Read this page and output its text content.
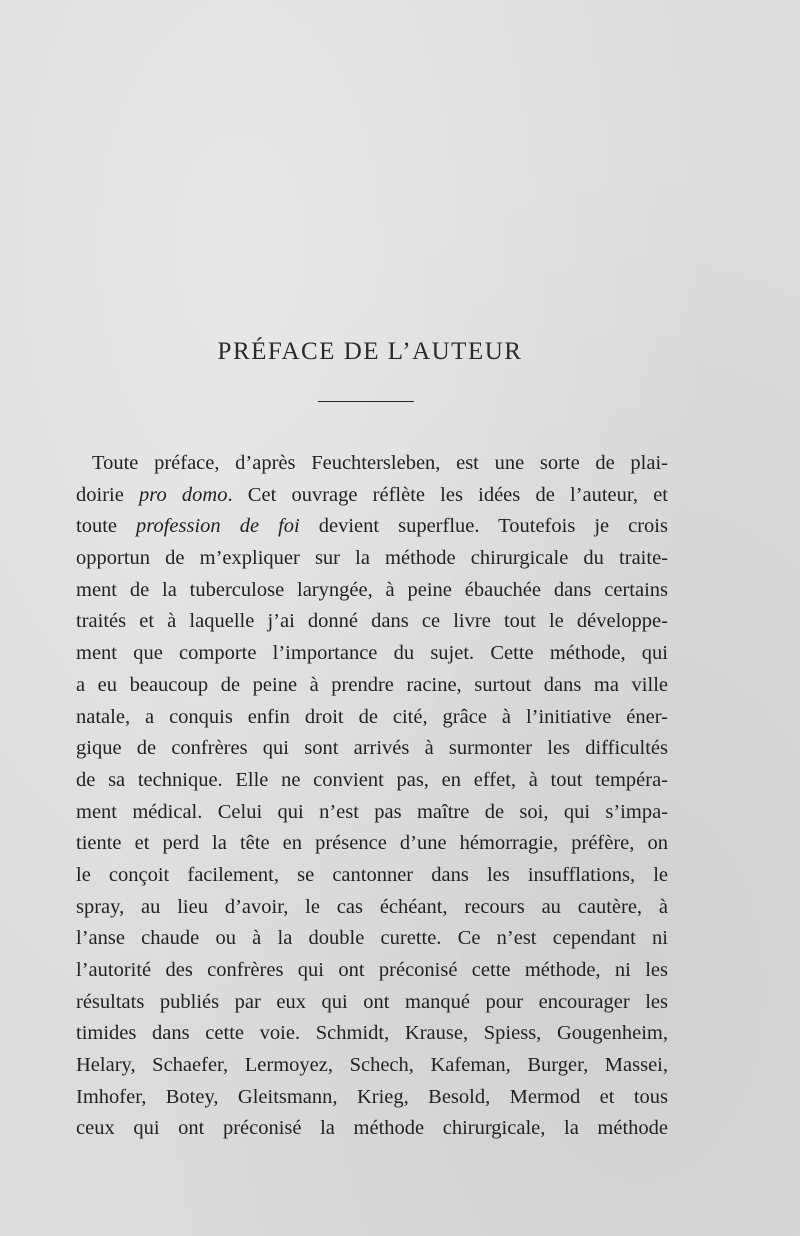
PRÉFACE DE L’AUTEUR
Toute préface, d’après Feuchtersleben, est une sorte de plai-
doirie pro domo. Cet ouvrage réflète les idées de l’auteur, et
toute profession de foi devient superflue. Toutefois je crois
opportun de m’expliquer sur la méthode chirurgicale du traite-
ment de la tuberculose laryngée, à peine ébauchée dans certains
traités et à laquelle j’ai donné dans ce livre tout le développe-
ment que comporte l’importance du sujet. Cette méthode, qui
a eu beaucoup de peine à prendre racine, surtout dans ma ville
natale, a conquis enfin droit de cité, grâce à l’initiative éner-
gique de confrères qui sont arrivés à surmonter les difficultés
de sa technique. Elle ne convient pas, en effet, à tout tempéra-
ment médical. Celui qui n’est pas maître de soi, qui s’impa-
tiente et perd la tête en présence d’une hémorragie, préfère, on
le conçoit facilement, se cantonner dans les insufflations, le
spray, au lieu d’avoir, le cas échéant, recours au cautère, à
l’anse chaude ou à la double curette. Ce n’est cependant ni
l’autorité des confrères qui ont préconisé cette méthode, ni les
résultats publiés par eux qui ont manqué pour encourager les
timides dans cette voie. Schmidt, Krause, Spiess, Gougenheim,
Helary, Schaefer, Lermoyez, Schech, Kafeman, Burger, Massei,
Imhofer, Botey, Gleitsmann, Krieg, Besold, Mermod et tous
ceux qui ont préconisé la méthode chirurgicale, la méthode
